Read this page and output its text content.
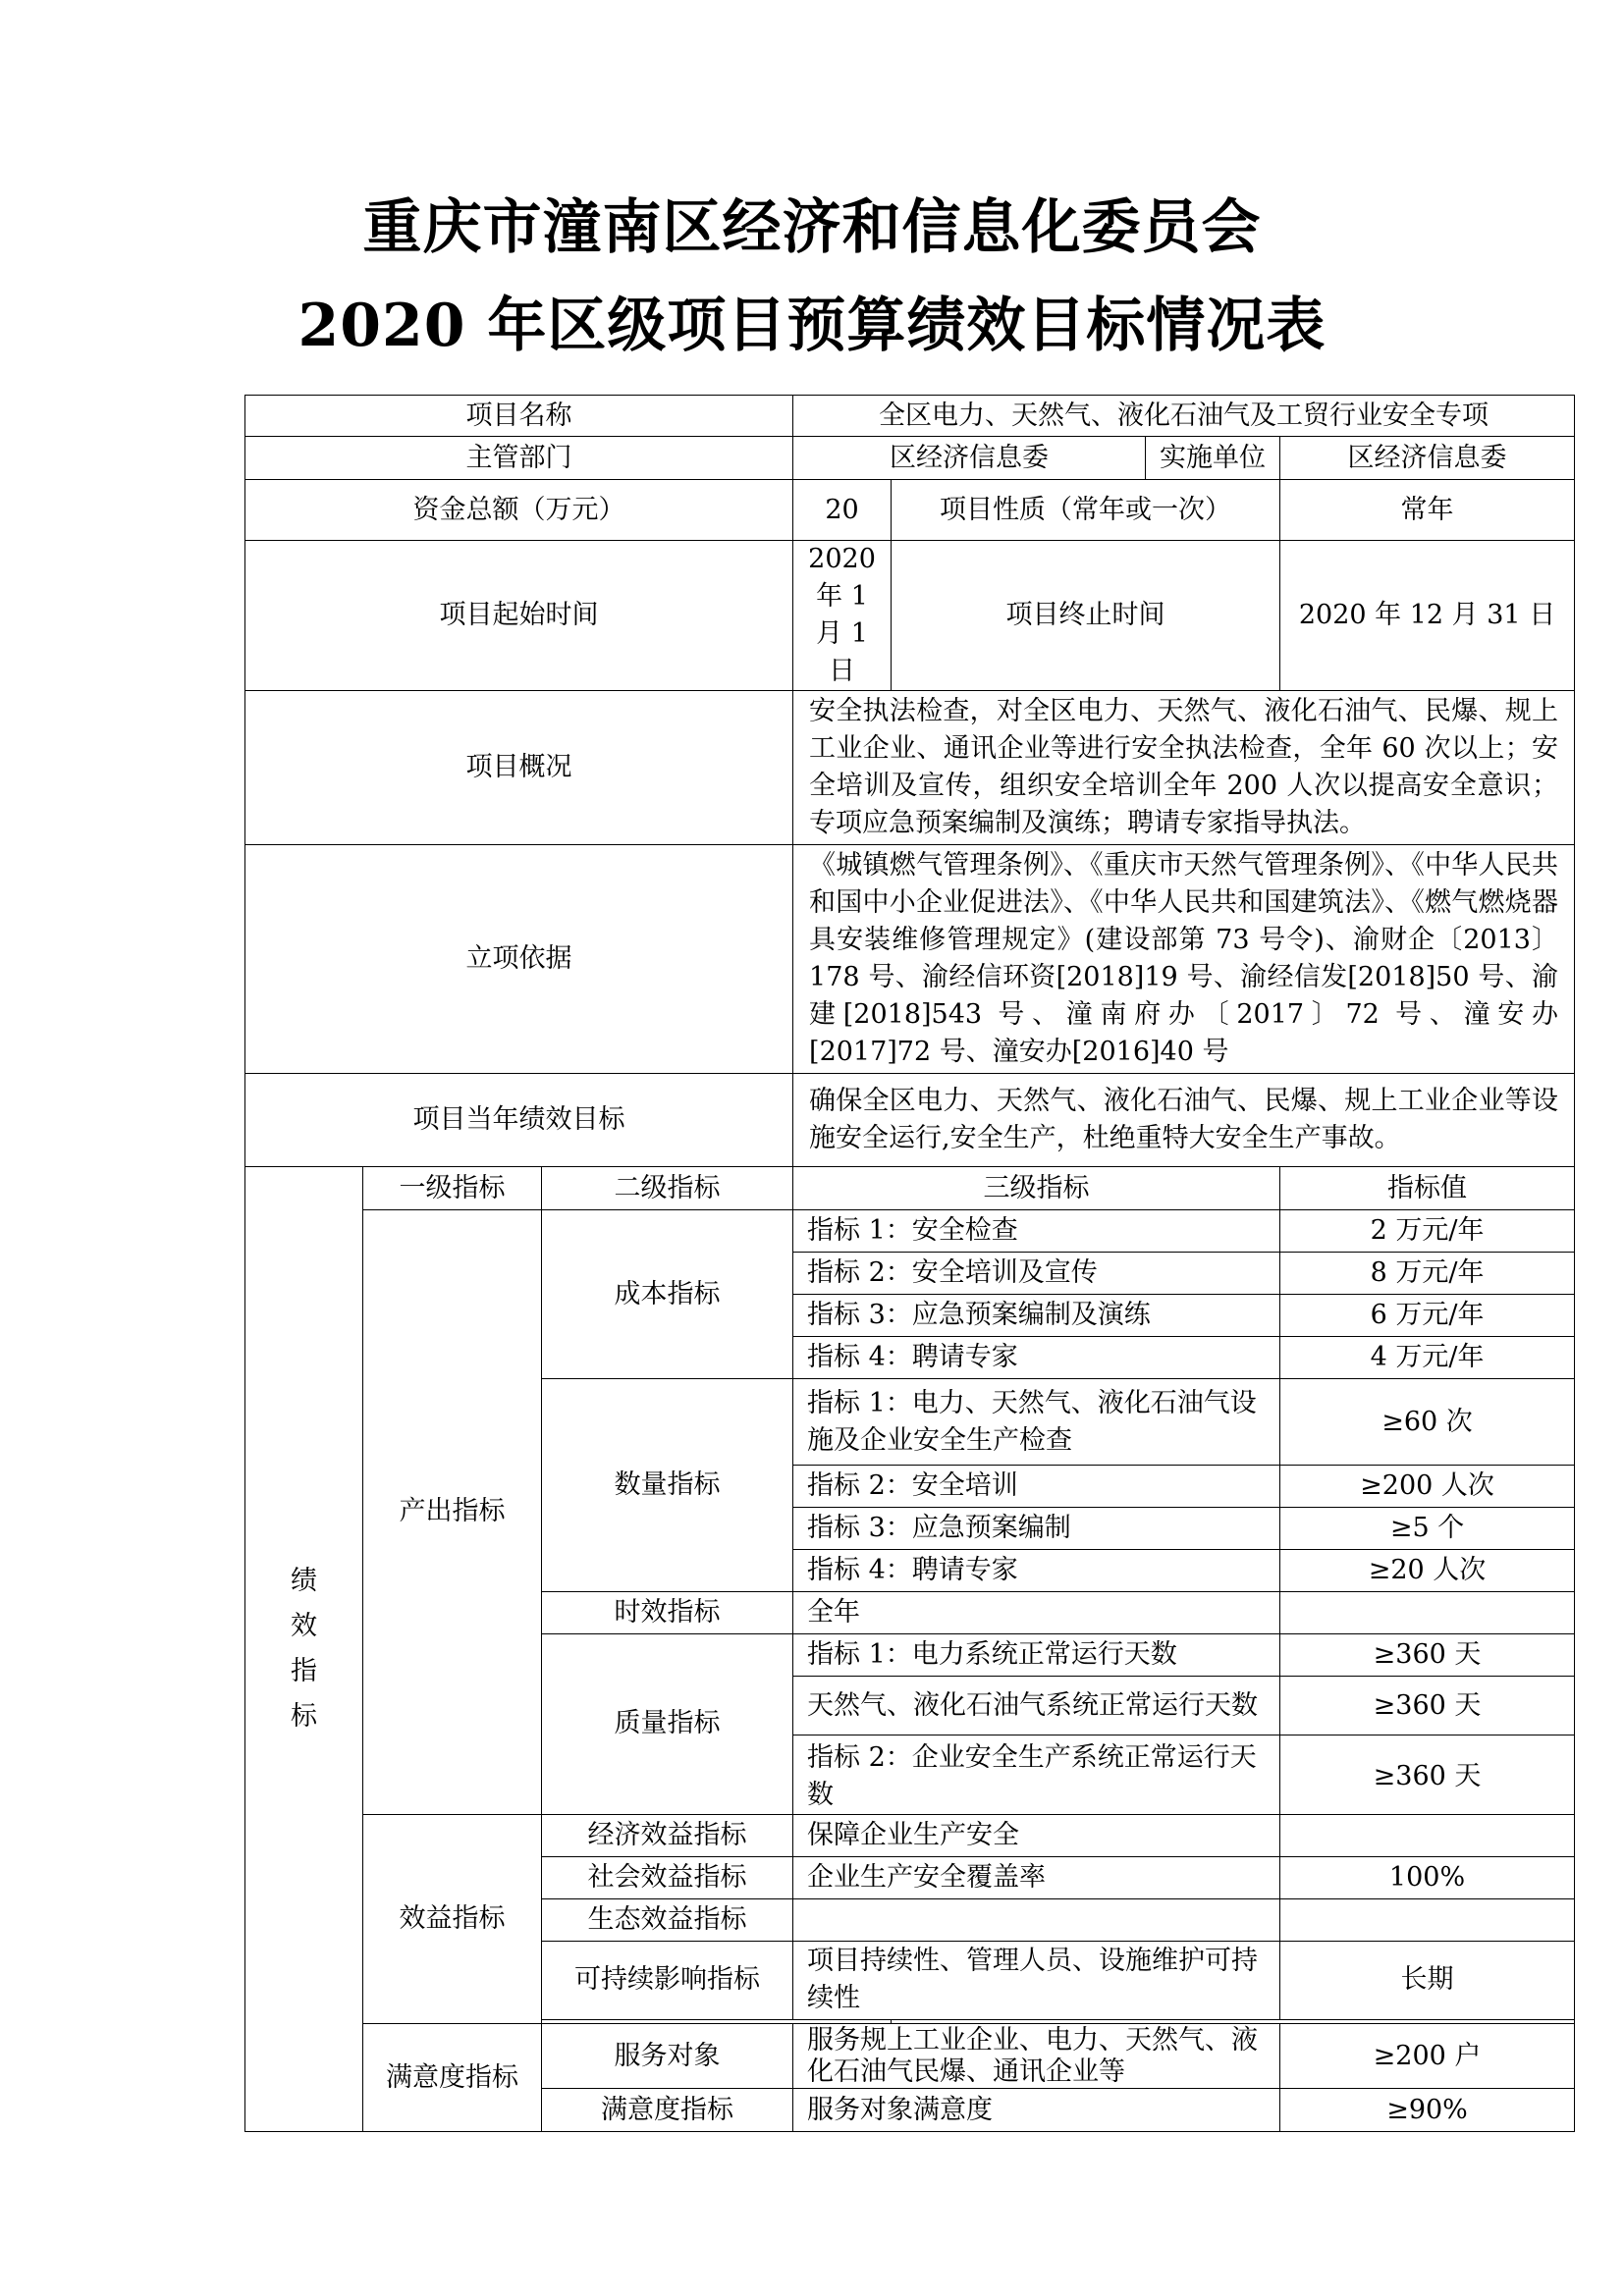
重庆市潼南区经济和信息化委员会
2020 年区级项目预算绩效目标情况表
项目名称			全区电力、天然气、液化石油气及工贸行业安全专项			
主管部门			区经济信息委		实施单位	区经济信息委
资金总额（万元）			20	项目性质（常年或一次）		常年
项目起始时间			2020 年 1 月 1 日	项目终止时间		2020 年 12 月 31 日
项目概况			安全执法检查，对全区电力、天然气、液化石油气、民爆、规上工业企业、通讯企业等进行安全执法检查，全年 60 次以上；安全培训及宣传，组织安全培训全年 200 人次以提高安全意识；专项应急预案编制及演练；聘请专家指导执法。			
立项依据			《城镇燃气管理条例》、《重庆市天然气管理条例》、《中华人民共和国中小企业促进法》、《中华人民共和国建筑法》、《燃气燃烧器具安装维修管理规定》(建设部第 73 号令)、渝财企〔2013〕178 号、渝经信环资[2018]19 号、渝经信发[2018]50 号、渝建[2018]543 号、潼南府办〔2017〕72 号、潼安办[2017]72 号、潼安办[2016]40 号			
项目当年绩效目标			确保全区电力、天然气、液化石油气、民爆、规上工业企业等设施安全运行,安全生产，杜绝重特大安全生产事故。			
绩效指标	一级指标	二级指标	三级指标			指标值
	产出指标	成本指标	指标 1：安全检查			2 万元/年
			指标 2：安全培训及宣传			8 万元/年
			指标 3：应急预案编制及演练			6 万元/年
			指标 4：聘请专家			4 万元/年
		数量指标	指标 1：电力、天然气、液化石油气设施及企业安全生产检查			≥60 次
			指标 2：安全培训			≥200 人次
			指标 3：应急预案编制			≥5 个
			指标 4：聘请专家			≥20 人次
		时效指标	全年			
		质量指标	指标 1：电力系统正常运行天数			≥360 天
			天然气、液化石油气系统正常运行天数			≥360 天

			指标 2：企业安全生产系统正常运行天数			≥360 天
	效益指标	经济效益指标	保障企业生产安全			
		社会效益指标	企业生产安全覆盖率			100%
		生态效益指标				
		可持续影响指标	项目持续性、管理人员、设施维护可持续性			长期

	满意度指标	服务对象	服务规上工业企业、电力、天然气、液化石油气民爆、通讯企业等			≥200 户
		满意度指标	服务对象满意度			≥90%
